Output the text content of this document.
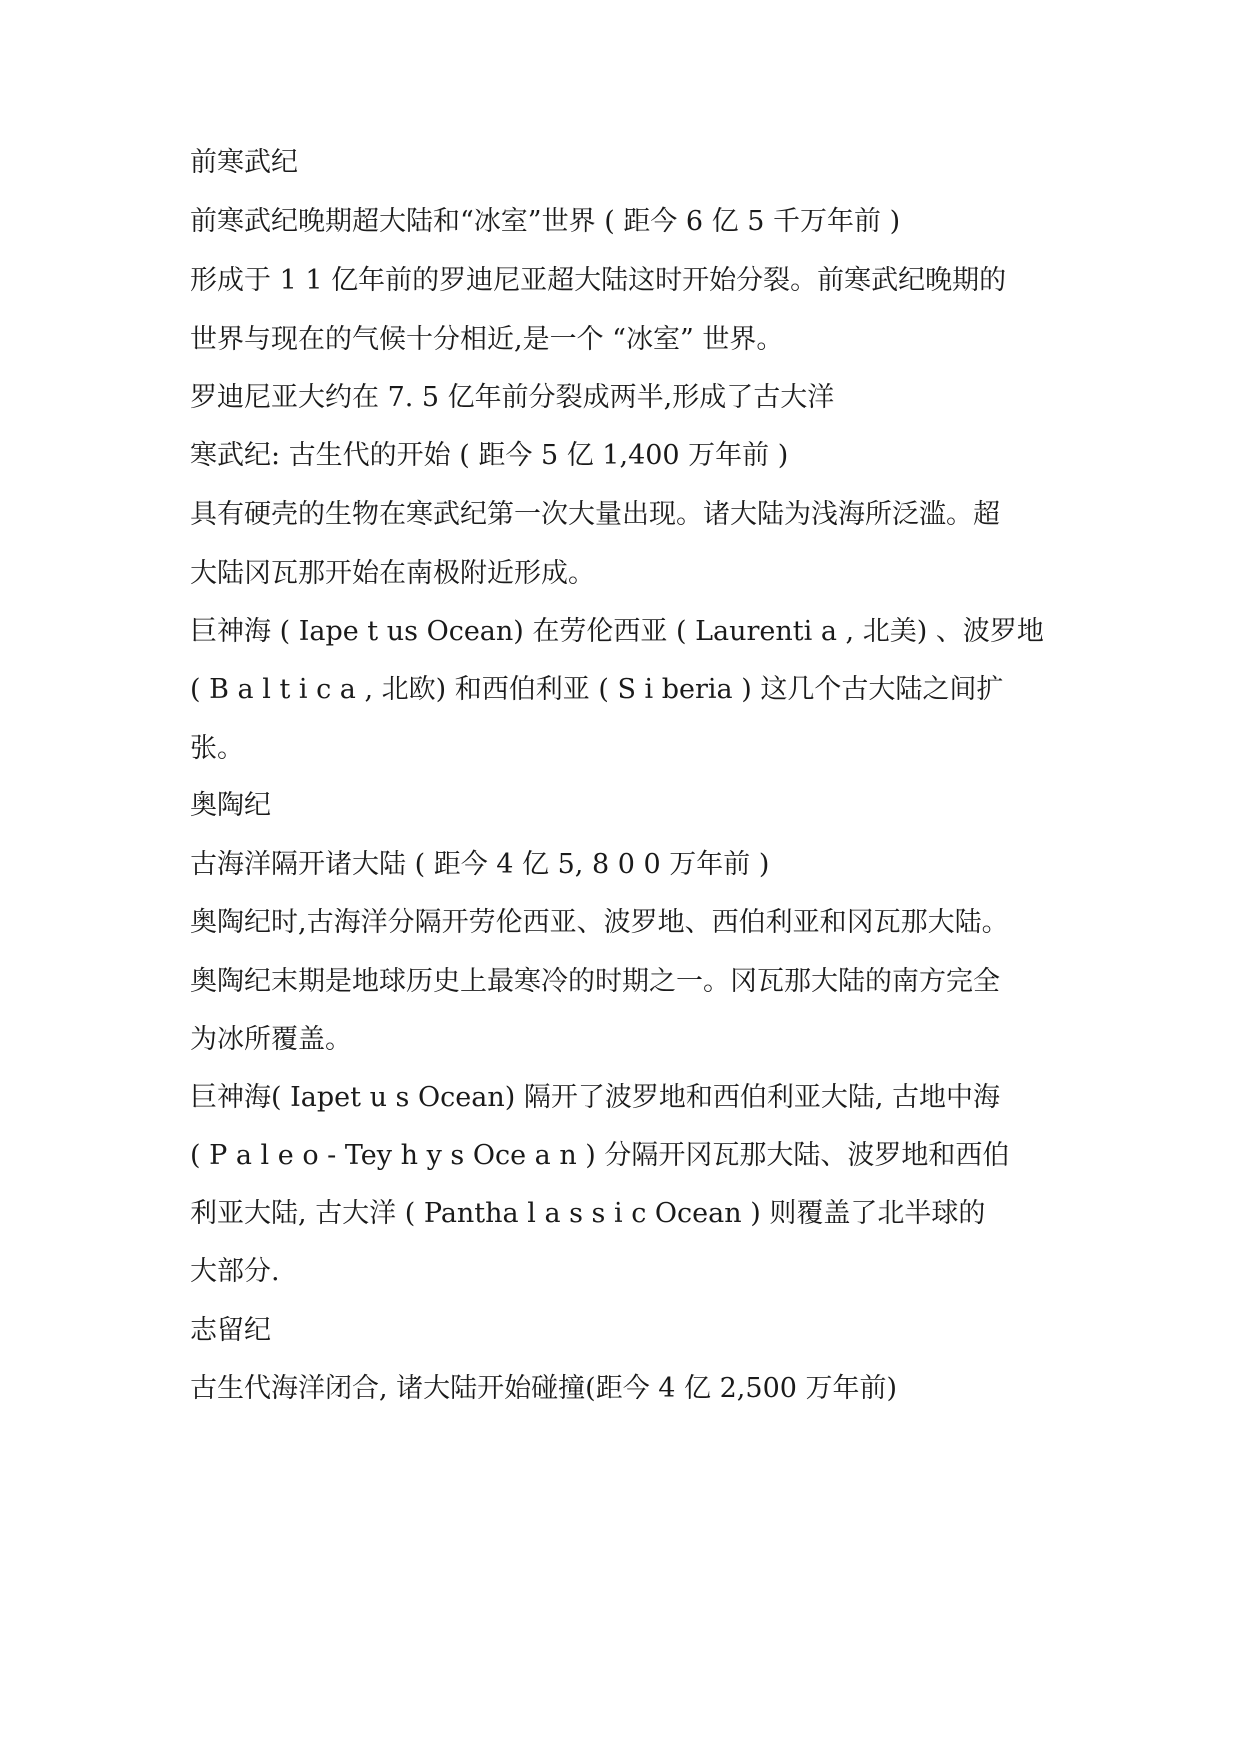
前寒武纪
前寒武纪晚期超大陆和“冰室”世界 ( 距今 6 亿 5 千万年前 )
形成于 1 1 亿年前的罗迪尼亚超大陆这时开始分裂。前寒武纪晚期的
世界与现在的气候十分相近,是一个 “冰室” 世界。
罗迪尼亚大约在 7. 5 亿年前分裂成两半,形成了古大洋
寒武纪: 古生代的开始 ( 距今 5 亿 1,400 万年前 )
具有硬壳的生物在寒武纪第一次大量出现。诸大陆为浅海所泛滥。超
大陆冈瓦那开始在南极附近形成。
巨神海 ( Iape t us Ocean) 在劳伦西亚 ( Laurenti a , 北美) 、波罗地
( B a l t i c a , 北欧) 和西伯利亚 ( S i beria ) 这几个古大陆之间扩
张。
奥陶纪
古海洋隔开诸大陆 ( 距今 4 亿 5, 8 0 0 万年前 )
奥陶纪时,古海洋分隔开劳伦西亚、波罗地、西伯利亚和冈瓦那大陆。
奥陶纪末期是地球历史上最寒冷的时期之一。冈瓦那大陆的南方完全
为冰所覆盖。
巨神海( Iapet u s Ocean) 隔开了波罗地和西伯利亚大陆, 古地中海
( P a l e o - Tey h y s Oce a n ) 分隔开冈瓦那大陆、波罗地和西伯
利亚大陆, 古大洋 ( Pantha l a s s i c Ocean ) 则覆盖了北半球的
大部分.
志留纪
古生代海洋闭合, 诸大陆开始碰撞(距今 4 亿 2,500 万年前)
